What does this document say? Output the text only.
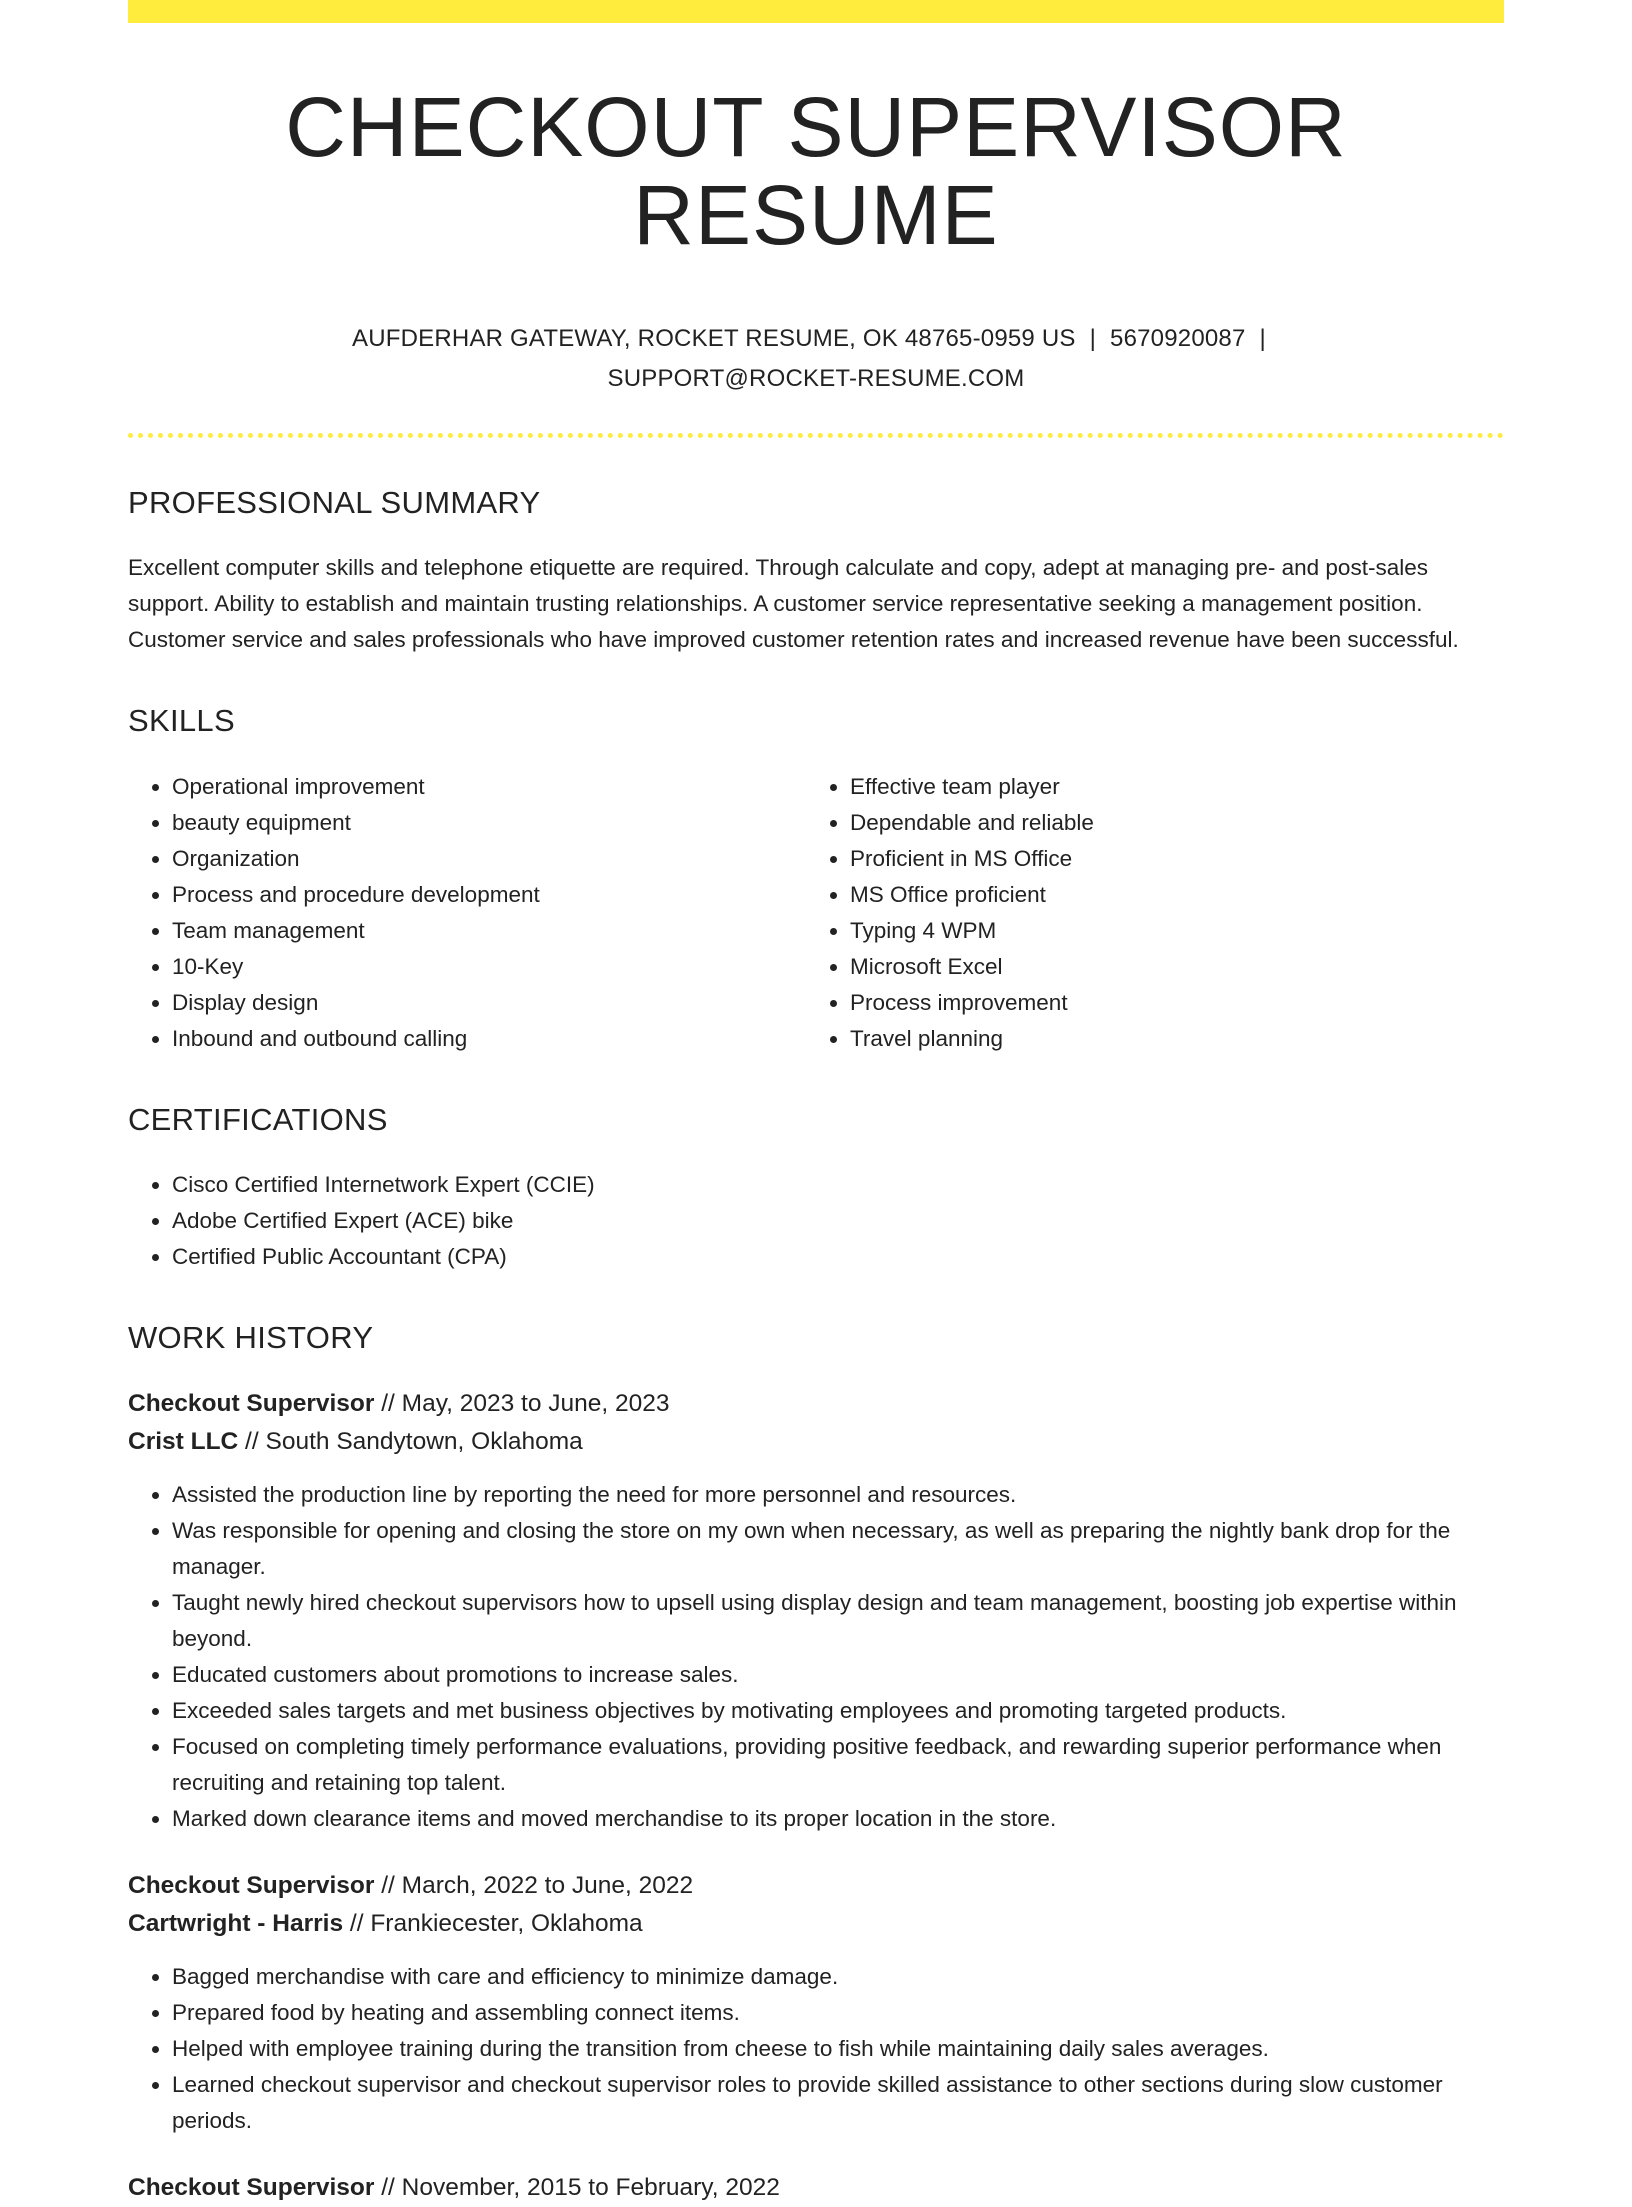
CHECKOUT SUPERVISOR RESUME
AUFDERHAR GATEWAY, ROCKET RESUME, OK 48765-0959 US | 5670920087 |
SUPPORT@ROCKET-RESUME.COM
PROFESSIONAL SUMMARY

Excellent computer skills and telephone etiquette are required. Through calculate and copy, adept at managing pre- and post-sales support. Ability to establish and maintain trusting relationships. A customer service representative seeking a management position. Customer service and sales professionals who have improved customer retention rates and increased revenue have been successful.

SKILLS
• Operational improvement
• beauty equipment
• Organization
• Process and procedure development
• Team management
• 10-Key
• Display design
• Inbound and outbound calling
• Effective team player
• Dependable and reliable
• Proficient in MS Office
• MS Office proficient
• Typing 4 WPM
• Microsoft Excel
• Process improvement
• Travel planning
CERTIFICATIONS
• Cisco Certified Internetwork Expert (CCIE)
• Adobe Certified Expert (ACE) bike
• Certified Public Accountant (CPA)
WORK HISTORY
Checkout Supervisor // May, 2023 to June, 2023
Crist LLC // South Sandytown, Oklahoma
• Assisted the production line by reporting the need for more personnel and resources.
• Was responsible for opening and closing the store on my own when necessary, as well as preparing the nightly bank drop for the manager.
• Taught newly hired checkout supervisors how to upsell using display design and team management, boosting job expertise within beyond.
• Educated customers about promotions to increase sales.
• Exceeded sales targets and met business objectives by motivating employees and promoting targeted products.
• Focused on completing timely performance evaluations, providing positive feedback, and rewarding superior performance when recruiting and retaining top talent.
• Marked down clearance items and moved merchandise to its proper location in the store.
Checkout Supervisor // March, 2022 to June, 2022
Cartwright - Harris // Frankiecester, Oklahoma
• Bagged merchandise with care and efficiency to minimize damage.
• Prepared food by heating and assembling connect items.
• Helped with employee training during the transition from cheese to fish while maintaining daily sales averages.
• Learned checkout supervisor and checkout supervisor roles to provide skilled assistance to other sections during slow customer periods.
Checkout Supervisor // November, 2015 to February, 2022
